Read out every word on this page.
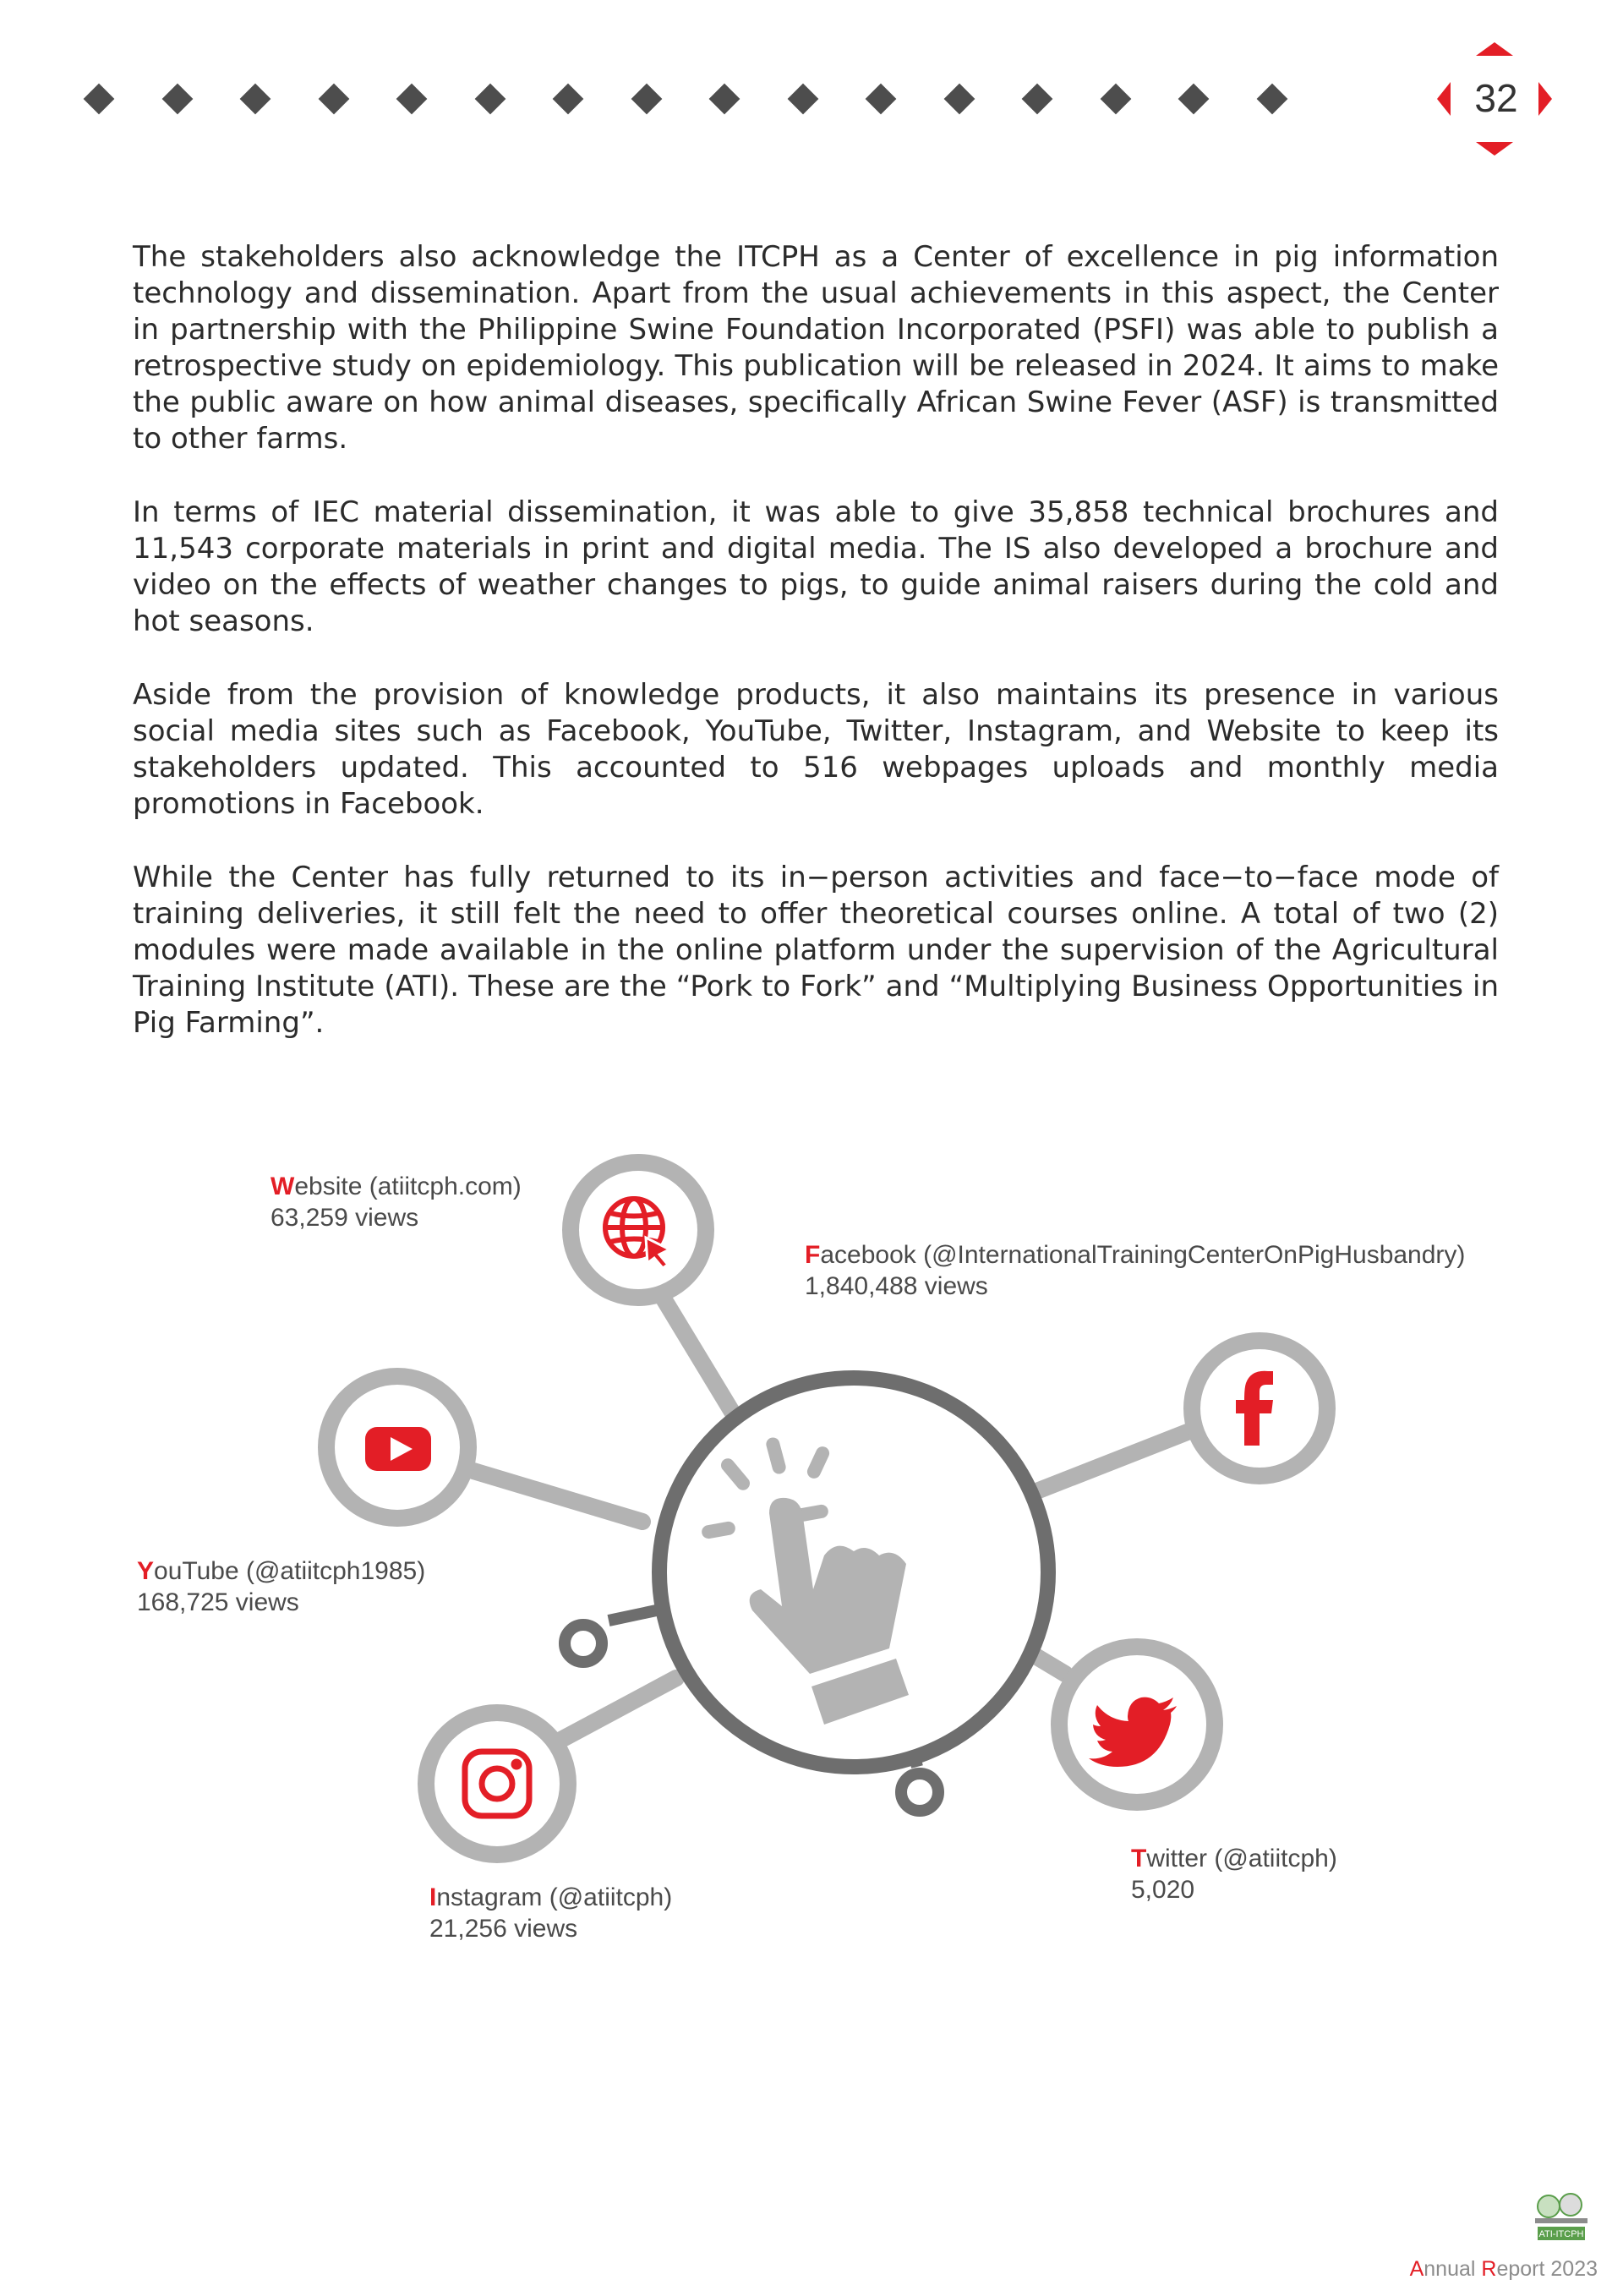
32

The stakeholders also acknowledge the ITCPH as a Center of excellence in pig information technology and dissemination. Apart from the usual achievements in this aspect, the Center in partnership with the Philippine Swine Foundation Incorporated (PSFI) was able to publish a retrospective study on epidemiology. This publication will be released in 2024. It aims to make the public aware on how animal diseases, specifically African Swine Fever (ASF) is transmitted to other farms.

In terms of IEC material dissemination, it was able to give 35,858 technical brochures and 11,543 corporate materials in print and digital media. The IS also developed a brochure and video on the effects of weather changes to pigs, to guide animal raisers during the cold and hot seasons.

Aside from the provision of knowledge products, it also maintains its presence in various social media sites such as Facebook, YouTube, Twitter, Instagram, and Website to keep its stakeholders updated. This accounted to 516 webpages uploads and monthly media promotions in Facebook.

While the Center has fully returned to its in−person activities and face−to−face mode of training deliveries, it still felt the need to offer theoretical courses online. A total of two (2) modules were made available in the online platform under the supervision of the Agricultural Training Institute (ATI). These are the “Pork to Fork” and “Multiplying Business Opportunities in Pig Farming”.

Website (atiitcph.com)
63,259 views
Facebook (@InternationalTrainingCenterOnPigHusbandry)
1,840,488 views
YouTube (@atiitcph1985)
168,725 views
Instagram (@atiitcph)
21,256 views
Twitter (@atiitcph)
5,020
ATI-ITCPH
Annual Report 2023
